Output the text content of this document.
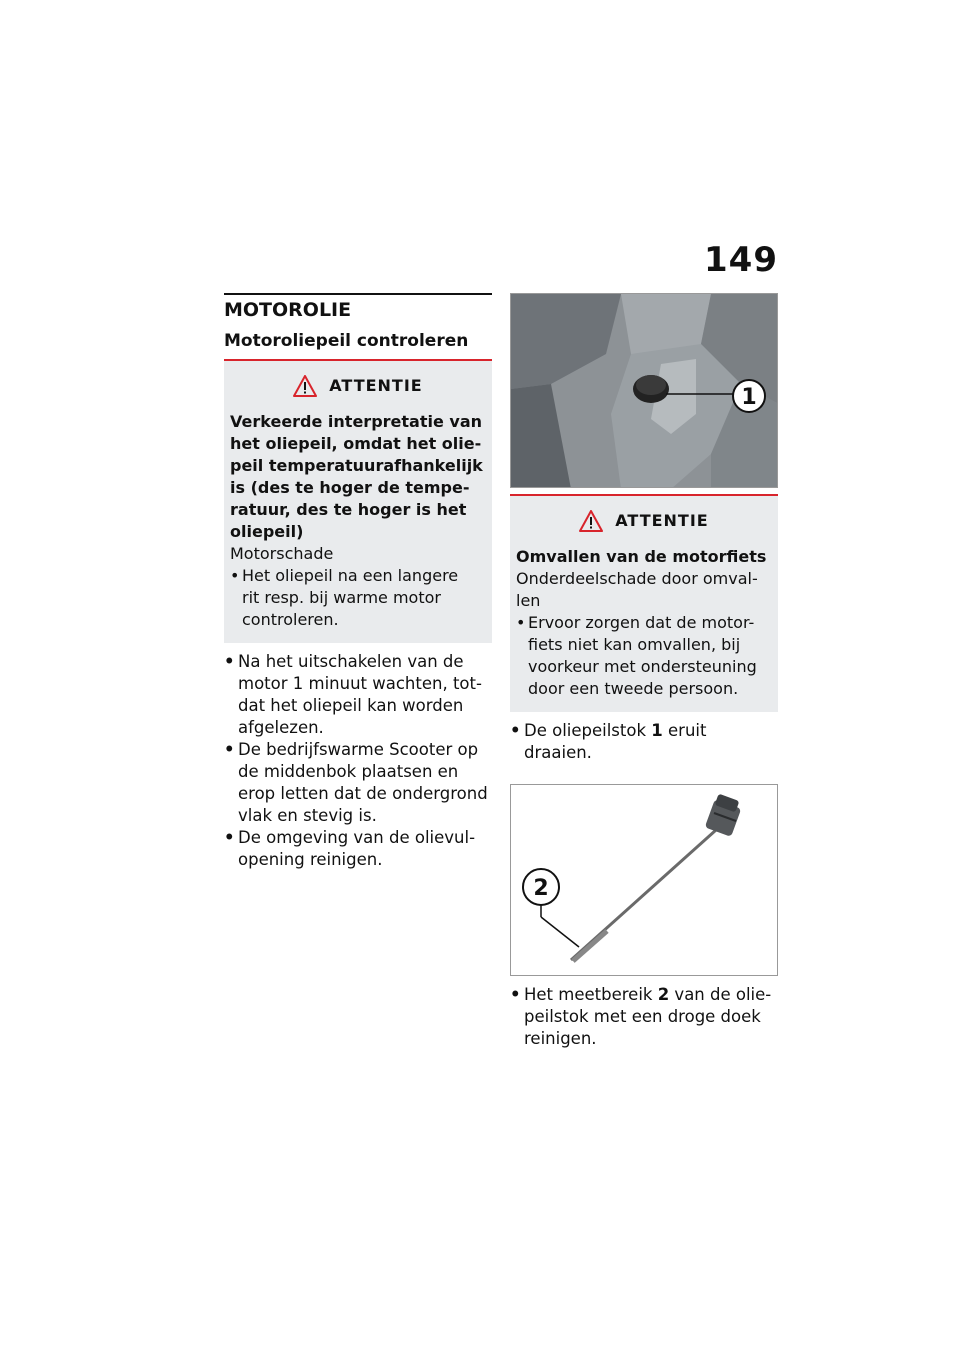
149
MOTOROLIE
Motoroliepeil controleren
ATTENTIE
Verkeerde interpretatie van
het oliepeil, omdat het olie-
peil temperatuurafhankelijk
is (des te hoger de tempe-
ratuur, des te hoger is het
oliepeil)
Motorschade
• Het oliepeil na een langere
rit resp. bij warme motor
controleren.
• Na het uitschakelen van de
motor 1 minuut wachten, tot-
dat het oliepeil kan worden
afgelezen.
• De bedrijfswarme Scooter op
de middenbok plaatsen en
erop letten dat de ondergrond
vlak en stevig is.
• De omgeving van de olievul-
opening reinigen.
1
ATTENTIE
Omvallen van de motorfiets
Onderdeelschade door omval-
len
• Ervoor zorgen dat de motor-
fiets niet kan omvallen, bij
voorkeur met ondersteuning
door een tweede persoon.
• De oliepeilstok 1 eruit
draaien.
2
• Het meetbereik 2 van de olie-
peilstok met een droge doek
reinigen.
